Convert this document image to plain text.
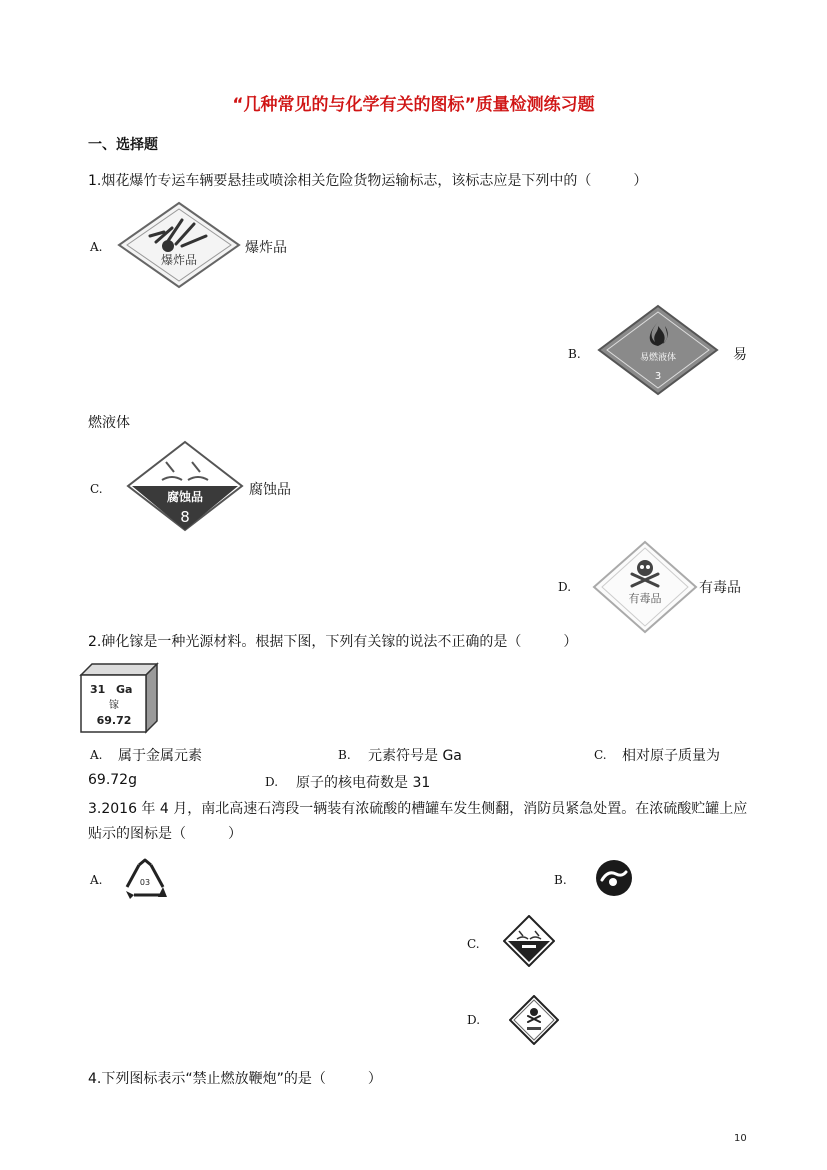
“几种常见的与化学有关的图标”质量检测练习题
一、选择题
1.烟花爆竹专运车辆要悬挂或喷涂相关危险货物运输标志，该标志应是下列中的（　　　）
A.
爆炸品
爆炸品
B.	易燃液体
3
易
燃液体
C.
腐蚀品
8
腐蚀品
D.
有毒品
有毒品
2.砷化镓是一种光源材料。根据下图，下列有关镓的说法不正确的是（　　　）
31 Ga
镓
69.72
A. 属于金属元素	B. 元素符号是 Ga	C. 相对原子质量为
69.72g	D. 原子的核电荷数是 31
3.2016 年 4 月，南北高速石湾段一辆装有浓硫酸的槽罐车发生侧翻，消防员紧急处置。在浓硫酸贮罐上应
贴示的图标是（　　　）
A.	03	B.
C.
D.
4.下列图标表示“禁止燃放鞭炮”的是（　　　）
10
